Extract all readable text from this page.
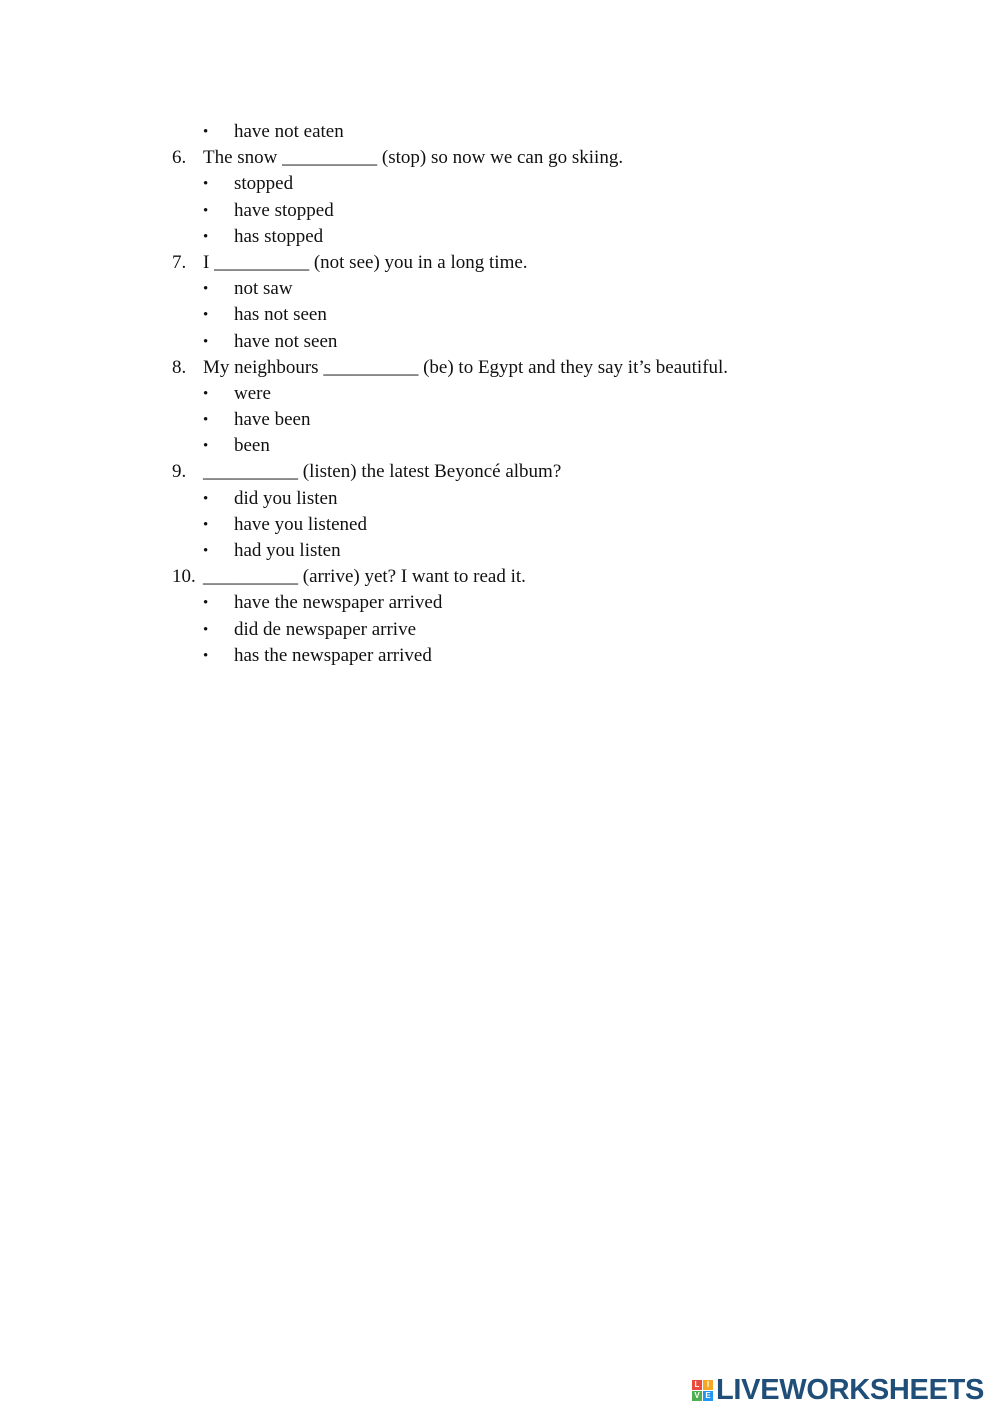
• have not eaten
6. The snow __________ (stop) so now we can go skiing.
• stopped
• have stopped
• has stopped
7. I __________ (not see) you in a long time.
• not saw
• has not seen
• have not seen
8. My neighbours __________ (be) to Egypt and they say it’s beautiful.
• were
• have been
• been
9. __________ (listen) the latest Beyoncé album?
• did you listen
• have you listened
• had you listen
10. __________ (arrive) yet? I want to read it.
• have the newspaper arrived
• did de newspaper arrive
• has the newspaper arrived
L I
V E LIVEWORKSHEETS
